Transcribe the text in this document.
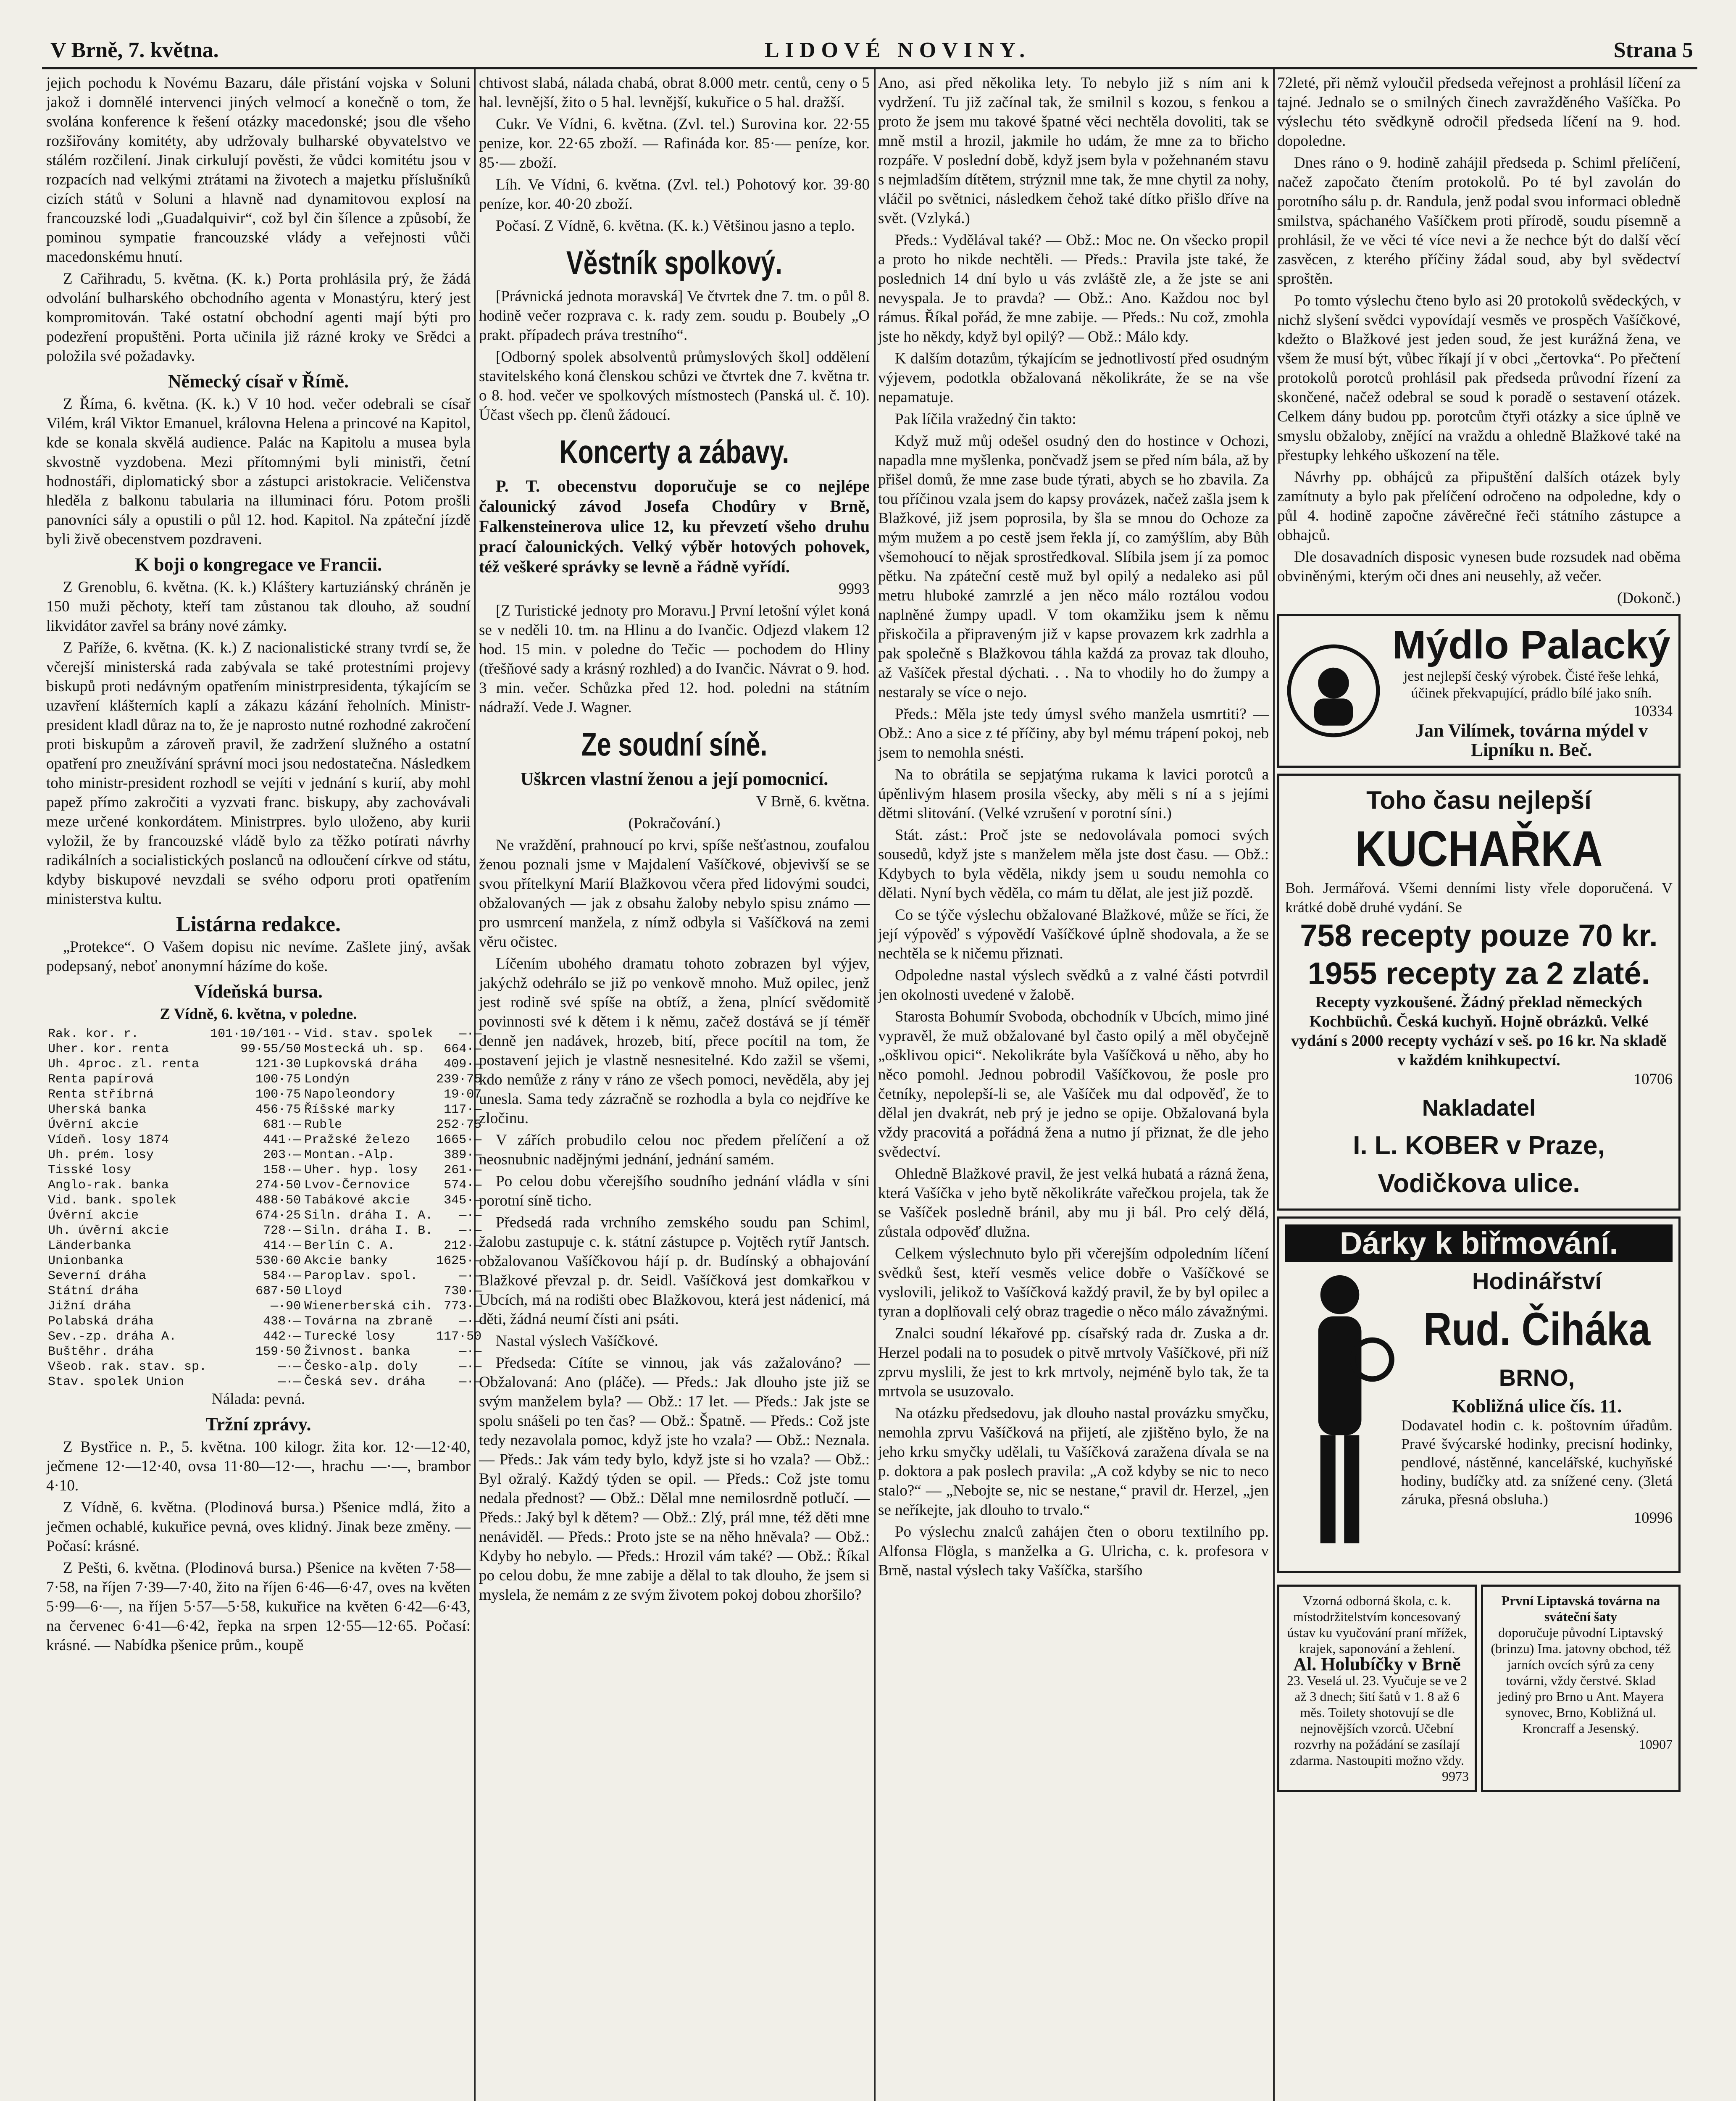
V Brně, 7. května.	LIDOVÉ NOVINY.	Strana 5

jejich pochodu k Novému Bazaru, dále přistání vojska v Soluni jakož i domnělé intervenci jiných velmocí a konečně o tom, že svolána konference k řešení otázky macedonské; jsou dle všeho rozšiřovány komitéty, aby udržovaly bulharské obyvatelstvo ve stálém rozčilení. Jinak cirkulují pověsti, že vůdci komitétu jsou v rozpacích nad velkými ztrátami na životech a majetku příslušníků cizích států v Soluni a hlavně nad dynamitovou explosí na francouzské lodi „Guadalquivir“, což byl čin šílence a způsobí, že pominou sympatie francouzské vlády a veřejnosti vůči macedonskému hnutí.

Z Cařihradu, 5. května. (K. k.) Porta prohlásila prý, že žádá odvolání bulharského obchodního agenta v Monastýru, který jest kompromitován. Také ostatní obchodní agenti mají býti pro podezření propuštěni. Porta učinila již rázné kroky ve Srědci a položila své požadavky.

Německý císař v Římě.

Z Říma, 6. května. (K. k.) V 10 hod. večer odebrali se císař Vilém, král Viktor Emanuel, královna Helena a princové na Kapitol, kde se konala skvělá audience. Palác na Kapitolu a musea byla skvostně vyzdobena. Mezi přítomnými byli ministři, četní hodnostáři, diplomatický sbor a zástupci aristokracie. Veličenstva hleděla z balkonu tabularia na illuminaci fóru. Potom prošli panovníci sály a opustili o půl 12. hod. Kapitol. Na zpáteční jízdě byli živě obecenstvem pozdraveni.

K boji o kongregace ve Francii.

Z Grenoblu, 6. května. (K. k.) Kláštery kartuziánský chráněn je 150 muži pěchoty, kteří tam zůstanou tak dlouho, až soudní likvidátor zavřel sa brány nové zámky.

Z Paříže, 6. května. (K. k.) Z nacionalistické strany tvrdí se, že včerejší ministerská rada zabývala se také protestními projevy biskupů proti nedávným opatřením ministrpresidenta, týkajícím se uzavření klášterních kaplí a zákazu kázání řeholních. Ministr-president kladl důraz na to, že je naprosto nutné rozhodné zakročení proti biskupům a zároveň pravil, že zadržení služného a ostatní opatření pro zneužívání správní moci jsou nedostatečna. Následkem toho ministr-president rozhodl se vejíti v jednání s kurií, aby mohl papež přímo zakročiti a vyzvati franc. biskupy, aby zachovávali meze určené konkordátem. Ministrpres. bylo uloženo, aby kurii vyložil, že by francouzské vládě bylo za těžko potírati návrhy radikálních a socialistických poslanců na odloučení církve od státu, kdyby biskupové nevzdali se svého odporu proti opatřením ministerstva kultu.

Listárna redakce.

„Protekce“. O Vašem dopisu nic nevíme. Zašlete jiný, avšak podepsaný, neboť anonymní házíme do koše.

Vídeňská bursa.

Z Vídně, 6. května, v poledne.

Rak. kor. r.	101·10/101·-	Vid. stav. spolek	—·—
Uher. kor. renta	99·55/50	Mostecká uh. sp.	664·—
Uh. 4proc. zl. renta	121·30	Lupkovská dráha	409·—
Renta papírová	100·75	Londýn	239·75
Renta stříbrná	100·75	Napoleondory	19·07
Uherská banka	456·75	Říšské marky	117·—
Úvěrní akcie	681·—	Ruble	252·75
Vídeň. losy 1874	441·—	Pražské železo	1665·—
Uh. prém. losy	203·—	Montan.-Alp.	389·—
Tisské losy	158·—	Uher. hyp. losy	261·—
Anglo-rak. banka	274·50	Lvov-Černovice	574·—
Vid. bank. spolek	488·50	Tabákové akcie	345·—
Úvěrní akcie	674·25	Siln. dráha I. A.	—·—
Uh. úvěrní akcie	728·—	Siln. dráha I. B.	—·—
Länderbanka	414·—	Berlín C. A.	212·—
Unionbanka	530·60	Akcie banky	1625·—
Severní dráha	584·—	Paroplav. spol.	—·—
Státní dráha	687·50	Lloyd	730·—
Jižní dráha	—·90	Wienerberská cih.	773·—
Polabská dráha	438·—	Továrna na zbraně	—·—
Sev.-zp. dráha A.	442·—	Turecké losy	117·50
Buštěhr. dráha	159·50	Živnost. banka	—·—
Všeob. rak. stav. sp.	—·—	Česko-alp. doly	—·—
Stav. spolek Union	—·—	Česká sev. dráha	—·—

Nálada: pevná.

Tržní zprávy.

Z Bystřice n. P., 5. května. 100 kilogr. žita kor. 12·—12·40, ječmene 12·—12·40, ovsa 11·80—12·—, hrachu —·—, brambor 4·10.

Z Vídně, 6. května. (Plodinová bursa.) Pšenice mdlá, žito a ječmen ochablé, kukuřice pevná, oves klidný. Jinak beze změny. — Počasí: krásné.

Z Pešti, 6. května. (Plodinová bursa.) Pšenice na květen 7·58—7·58, na říjen 7·39—7·40, žito na říjen 6·46—6·47, oves na květen 5·99—6·—, na říjen 5·57—5·58, kukuřice na květen 6·42—6·43, na červenec 6·41—6·42, řepka na srpen 12·55—12·65. Počasí: krásné. — Nabídka pšenice prům., koupě

chtivost slabá, nálada chabá, obrat 8.000 metr. centů, ceny o 5 hal. levnější, žito o 5 hal. levnější, kukuřice o 5 hal. dražší.

Cukr. Ve Vídni, 6. května. (Zvl. tel.) Surovina kor. 22·55 penize, kor. 22·65 zboží. — Rafináda kor. 85·— peníze, kor. 85·— zboží.

Líh. Ve Vídni, 6. května. (Zvl. tel.) Pohotový kor. 39·80 peníze, kor. 40·20 zboží.

Počasí. Z Vídně, 6. května. (K. k.) Většinou jasno a teplo.

Věstník spolkový.

[Právnická jednota moravská] Ve čtvrtek dne 7. tm. o půl 8. hodině večer rozprava c. k. rady zem. soudu p. Boubely „O prakt. případech práva trestního“.

[Odborný spolek absolventů průmyslových škol] oddělení stavitelského koná členskou schůzi ve čtvrtek dne 7. května tr. o 8. hod. večer ve spolkových místnostech (Panská ul. č. 10). Účast všech pp. členů žádoucí.

Koncerty a zábavy.

P. T. obecenstvu doporučuje se co nejlépe čalounický závod Josefa Chodûry v Brně, Falkensteinerova ulice 12, ku převzetí všeho druhu prací čalounických. Velký výběr hotových pohovek, též veškeré správky se levně a řádně vyřídí.

9993

[Z Turistické jednoty pro Moravu.] První letošní výlet koná se v neděli 10. tm. na Hlinu a do Ivančic. Odjezd vlakem 12 hod. 15 min. v poledne do Tečic — pochodem do Hliny (třešňové sady a krásný rozhled) a do Ivančic. Návrat o 9. hod. 3 min. večer. Schůzka před 12. hod. poledni na státním nádraží. Vede J. Wagner.

Ze soudní síně.
Uškrcen vlastní ženou a její pomocnicí.

V Brně, 6. května.

(Pokračování.)

Ne vraždění, prahnoucí po krvi, spíše nešťastnou, zoufalou ženou poznali jsme v Majdalení Vašíčkové, objevivší se se svou přítelkyní Marií Blažkovou včera před lidovými soudci, obžalovaných — jak z obsahu žaloby nebylo spisu známo — pro usmrcení manžela, z nímž odbyla si Vašíčková na zemi věru očistec.

Líčením ubohého dramatu tohoto zobrazen byl výjev, jakýchž odehrálo se již po venkově mnoho. Muž opilec, jenž jest rodině své spíše na obtíž, a žena, plnící svědomitě povinnosti své k dětem i k němu, začež dostává se jí téměř denně jen nadávek, hrozeb, bití, přece pocítil na tom, že postavení jejich je vlastně nesnesitelné. Kdo zažil se všemi, kdo nemůže z rány v ráno ze všech pomoci, nevěděla, aby jej unesla. Sama tedy zázračně se rozhodla a byla co nejdříve ke zločinu.

V zářích probudilo celou noc předem přelíčení a ož neosnubnic nadějnými jednání, jednání samém.

Po celou dobu včerejšího soudního jednání vládla v síni porotní síně ticho.

Předsedá rada vrchního zemského soudu pan Schiml, žalobu zastupuje c. k. státní zástupce p. Vojtěch rytíř Jantsch. obžalovanou Vašíčkovou hájí p. dr. Budínský a obhajování Blažkové převzal p. dr. Seidl. Vašíčková jest domkařkou v Ubcích, má na rodišti obec Blažkovou, která jest nádenicí, má děti, žádná neumí čísti ani psáti.

Nastal výslech Vašíčkové.

Předseda: Cítíte se vinnou, jak vás zažalováno? — Obžalovaná: Ano (pláče). — Předs.: Jak dlouho jste již se svým manželem byla? — Obž.: 17 let. — Předs.: Jak jste se spolu snášeli po ten čas? — Obž.: Špatně. — Předs.: Což jste tedy nezavolala pomoc, když jste ho vzala? — Obž.: Neznala. — Předs.: Jak vám tedy bylo, když jste si ho vzala? — Obž.: Byl ožralý. Každý týden se opil. — Předs.: Což jste tomu nedala přednost? — Obž.: Dělal mne nemilosrdně potlučí. — Předs.: Jaký byl k dětem? — Obž.: Zlý, prál mne, též děti mne nenáviděl. — Předs.: Proto jste se na něho hněvala? — Obž.: Kdyby ho nebylo. — Předs.: Hrozil vám také? — Obž.: Říkal po celou dobu, že mne zabije a dělal to tak dlouho, že jsem si myslela, že nemám z ze svým životem pokoj dobou zhoršilo?

Ano, asi před několika lety. To nebylo již s ním ani k vydržení. Tu již začínal tak, že smilnil s kozou, s fenkou a proto že jsem mu takové špatné věci nechtěla dovoliti, tak se mně mstil a hrozil, jakmile ho udám, že mne za to břicho rozpáře. V poslední době, když jsem byla v požehnaném stavu s nejmladším dítětem, strýznil mne tak, že mne chytil za nohy, vláčil po světnici, následkem čehož také dítko přišlo dříve na svět. (Vzlyká.)

Předs.: Vydělával také? — Obž.: Moc ne. On všecko propil a proto ho nikde nechtěli. — Předs.: Pravila jste také, že poslednich 14 dní bylo u vás zvláště zle, a že jste se ani nevyspala. Je to pravda? — Obž.: Ano. Každou noc byl rámus. Říkal pořád, že mne zabije. — Předs.: Nu což, zmohla jste ho někdy, když byl opilý? — Obž.: Málo kdy.

K dalším dotazům, týkajícím se jednotlivostí před osudným výjevem, podotkla obžalovaná několikráte, že se na vše nepamatuje.

Pak líčila vražedný čin takto:

Když muž můj odešel osudný den do hostince v Ochozi, napadla mne myšlenka, pončvadž jsem se před ním bála, až by přišel domů, že mne zase bude týrati, abych se ho zbavila. Za tou příčinou vzala jsem do kapsy provázek, načež zašla jsem k Blažkové, již jsem poprosila, by šla se mnou do Ochoze za mým mužem a po cestě jsem řekla jí, co zamýšlím, aby Bůh všemohoucí to nějak sprostředkoval. Slíbila jsem jí za pomoc pětku. Na zpáteční cestě muž byl opilý a nedaleko asi půl metru hluboké zamrzlé a jen něco málo roztálou vodou naplněné žumpy upadl. V tom okamžiku jsem k němu přiskočila a připraveným již v kapse provazem krk zadrhla a pak společně s Blažkovou táhla každá za provaz tak dlouho, až Vašíček přestal dýchati. . . Na to vhodily ho do žumpy a nestaraly se více o nejo.

Předs.: Měla jste tedy úmysl svého manžela usmrtiti? — Obž.: Ano a sice z té příčiny, aby byl mému trápení pokoj, neb jsem to nemohla snésti.

Na to obrátila se sepjatýma rukama k lavici porotců a úpěnlivým hlasem prosila všecky, aby měli s ní a s jejími dětmi slitování. (Velké vzrušení v porotní síni.)

Stát. zást.: Proč jste se nedovolávala pomoci svých sousedů, když jste s manželem měla jste dost času. — Obž.: Kdybych to byla věděla, nikdy jsem u soudu nemohla co dělati. Nyní bych věděla, co mám tu dělat, ale jest již pozdě.

Co se týče výslechu obžalované Blažkové, může se říci, že její výpověď s výpovědí Vašíčkové úplně shodovala, a že se nechtěla se k ničemu přiznati.

Odpoledne nastal výslech svědků a z valné části potvrdil jen okolnosti uvedené v žalobě.

Starosta Bohumír Svoboda, obchodník v Ubcích, mimo jiné vypravěl, že muž obžalované byl často opilý a měl obyčejně „ošklivou opici“. Nekolikráte byla Vašíčková u něho, aby ho něco pomohl. Jednou pobrodil Vašíčkovou, že posle pro četníky, nepolepší-li se, ale Vašíček mu dal odpověď, že to dělal jen dvakrát, neb prý je jedno se opije. Obžalovaná byla vždy pracovitá a pořádná žena a nutno jí přiznat, že dle jeho svědectví.

Ohledně Blažkové pravil, že jest velká hubatá a rázná žena, která Vašíčka v jeho bytě několikráte vařečkou projela, tak že se Vašíček posledně bránil, aby mu ji bál. Pro celý dělá, zůstala odpověď dlužna.

Celkem výslechnuto bylo při včerejším odpoledním líčení svědků šest, kteří vesměs velice dobře o Vašíčkové se vyslovili, jelikož to Vašíčková každý pravil, že by byl opilec a tyran a doplňovali celý obraz tragedie o něco málo závažnými.

Znalci soudní lékařové pp. císařský rada dr. Zuska a dr. Herzel podali na to posudek o pitvě mrtvoly Vašíčkové, při níž zprvu myslili, že jest to krk mrtvoly, nejméně bylo tak, že ta mrtvola se usuzovalo.

Na otázku předsedovu, jak dlouho nastal provázku smyčku, nemohla zprvu Vašíčková na přijetí, ale zjištěno bylo, že na jeho krku smyčky udělali, tu Vašíčková zaražena dívala se na p. doktora a pak poslech pravila: „A což kdyby se nic to neco stalo?“ — „Nebojte se, nic se nestane,“ pravil dr. Herzel, „jen se neříkejte, jak dlouho to trvalo.“

Po výslechu znalců zahájen čten o oboru textilního pp. Alfonsa Flögla, s manželka a G. Ulricha, c. k. profesora v Brně, nastal výslech taky Vašíčka, staršího

72leté, při němž vyloučil předseda veřejnost a prohlásil líčení za tajné. Jednalo se o smilných činech zavražděného Vašíčka. Po výslechu této svědkyně odročil předseda líčení na 9. hod. dopoledne.

Dnes ráno o 9. hodině zahájil předseda p. Schiml přelíčení, načež započato čtením protokolů. Po té byl zavolán do porotního sálu p. dr. Randula, jenž podal svou informaci obledně smilstva, spáchaného Vašíčkem proti přírodě, soudu písemně a prohlásil, že ve věci té více nevi a že nechce být do další věcí zasvěcen, z kterého příčiny žádal soud, aby byl svědectví sproštěn.

Po tomto výslechu čteno bylo asi 20 protokolů svědeckých, v nichž slyšení svědci vypovídají vesměs ve prospěch Vašíčkové, kdežto o Blažkové jest jeden soud, že jest kurážná žena, ve všem že musí být, vůbec říkají jí v obci „čertovka“. Po přečtení protokolů porotců prohlásil pak předseda průvodní řízení za skončené, načež odebral se soud k poradě o sestavení otázek. Celkem dány budou pp. porotcům čtyři otázky a sice úplně ve smyslu obžaloby, znějící na vraždu a ohledně Blažkové také na přestupky lehkého uškození na těle.

Návrhy pp. obhájců za připuštění dalších otázek byly zamítnuty a bylo pak přelíčení odročeno na odpoledne, kdy o půl 4. hodině započne závěrečné řeči státního zástupce a obhajců.

Dle dosavadních disposic vynesen bude rozsudek nad oběma obviněnými, kterým oči dnes ani neusehly, až večer.

(Dokonč.)

Mýdlo Palacký
jest nejlepší český výrobek. Čisté řeše lehká, účinek překvapující, prádlo bílé jako sníh.
10334
Jan Vilímek, továrna mýdel v Lipníku n. Beč.
Toho času nejlepší
KUCHAŘKA
Boh. Jermářová. Všemi denními listy vřele doporučená. V krátké době druhé vydání. Se
758 recepty pouze 70 kr.
1955 recepty za 2 zlaté.
Recepty vyzkoušené. Žádný překlad německých Kochbüchů. Česká kuchyň. Hojně obrázků. Velké vydání s 2000 recepty vychází v seš. po 16 kr. Na skladě v každém knihkupectví.
10706
Nakladatel
I. L. KOBER v Praze, Vodičkova ulice.
Dárky k biřmování.
Hodinářství
Rud. Čiháka
BRNO,
Kobližná ulice čís. 11.
Dodavatel hodin c. k. poštovním úřadům. Pravé švýcarské hodinky, precisní hodinky, pendlové, nástěnné, kancelářské, kuchyňské hodiny, budíčky atd. za snížené ceny. (3letá záruka, přesná obsluha.)
10996
Vzorná odborná škola, c. k. místodržitelstvím koncesovaný ústav ku vyučování praní mřížek, krajek, saponování a žehlení.
Al. Holubíčky v Brně
23. Veselá ul. 23. Vyučuje se ve 2 až 3 dnech; šití šatů v 1. 8 až 6 měs. Toilety shotovují se dle nejnovějších vzorců. Učební rozvrhy na požádání se zasílají zdarma. Nastoupiti možno vždy.
9973
První Liptavská továrna na sváteční šaty
doporučuje původní Liptavský (brinzu) Ima. jatovny obchod, též jarních ovcích sýrů za ceny továrni, vždy čerstvé. Sklad jediný pro Brno u Ant. Mayera synovec, Brno, Kobližná ul. Kroncraff a Jesenský.
10907
